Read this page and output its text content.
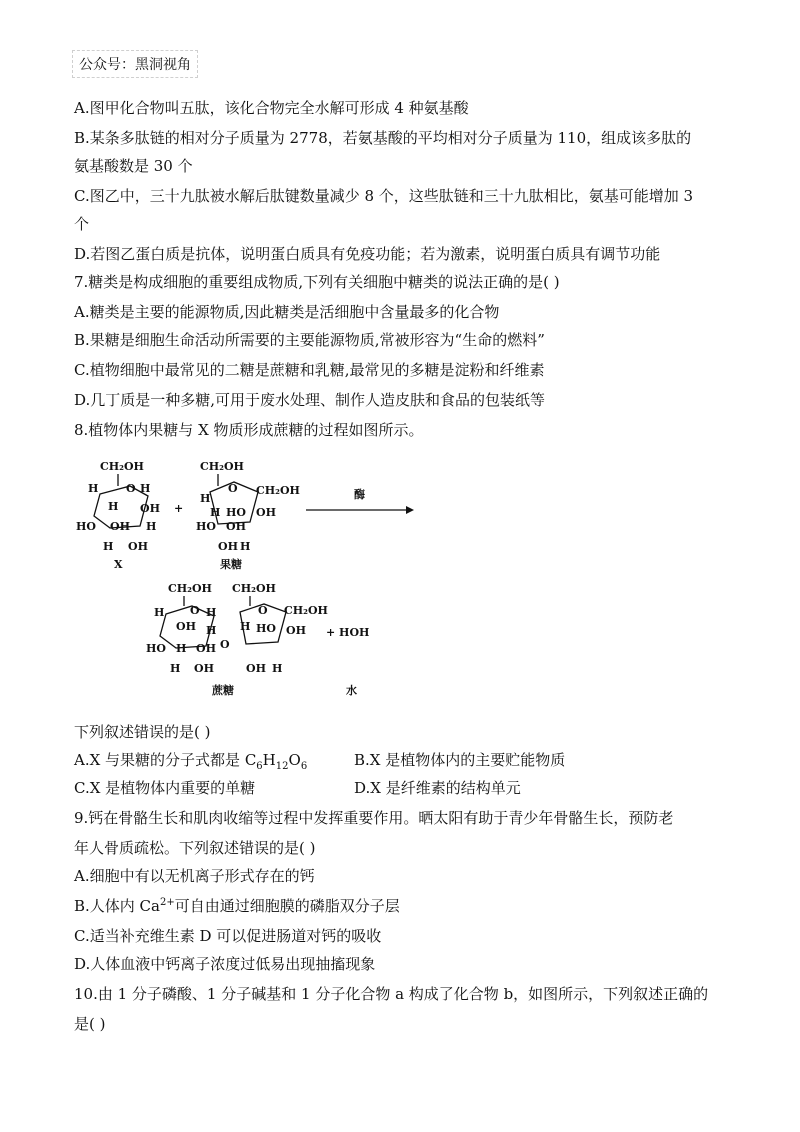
公众号：黑洞视角
A.图甲化合物叫五肽，该化合物完全水解可形成 4 种氨基酸
B.某条多肽链的相对分子质量为 2778，若氨基酸的平均相对分子质量为 110，组成该多肽的
氨基酸数是 30 个
C.图乙中，三十九肽被水解后肽键数量减少 8 个，这些肽链和三十九肽相比，氨基可能增加 3
个
D.若图乙蛋白质是抗体，说明蛋白质具有免疫功能；若为激素，说明蛋白质具有调节功能
7.糖类是构成细胞的重要组成物质,下列有关细胞中糖类的说法正确的是( )
A.糖类是主要的能源物质,因此糖类是活细胞中含量最多的化合物
B.果糖是细胞生命活动所需要的主要能源物质,常被形容为“生命的燃料”
C.植物细胞中最常见的二糖是蔗糖和乳糖,最常见的多糖是淀粉和纤维素
D.几丁质是一种多糖,可用于废水处理、制作人造皮肤和食品的包装纸等
8.植物体内果糖与 X 物质形成蔗糖的过程如图所示。
CH₂OH
O
H	H
H OH
HO OH H
H OH
X
+
CH₂OH
O CH₂OH
H
H HO
HO OH
OH
OH H
果糖
酶
CH₂OH CH₂OH
O	O CH₂OH
H	H
OH H
HO H OH O
H HO OH
H OH	OH H
+ HOH
蔗糖	水
下列叙述错误的是( )
A.X 与果糖的分子式都是 $C_6H_{12}O_6$	B.X 是植物体内的主要贮能物质
C.X 是植物体内重要的单糖	D.X 是纤维素的结构单元
9.钙在骨骼生长和肌肉收缩等过程中发挥重要作用。晒太阳有助于青少年骨骼生长，预防老
年人骨质疏松。下列叙述错误的是( )
A.细胞中有以无机离子形式存在的钙
B.人体内 $Ca^{2+}$可自由通过细胞膜的磷脂双分子层
C.适当补充维生素 D 可以促进肠道对钙的吸收
D.人体血液中钙离子浓度过低易出现抽搐现象
10.由 1 分子磷酸、1 分子碱基和 1 分子化合物 a 构成了化合物 b，如图所示，下列叙述正确的
是( )
